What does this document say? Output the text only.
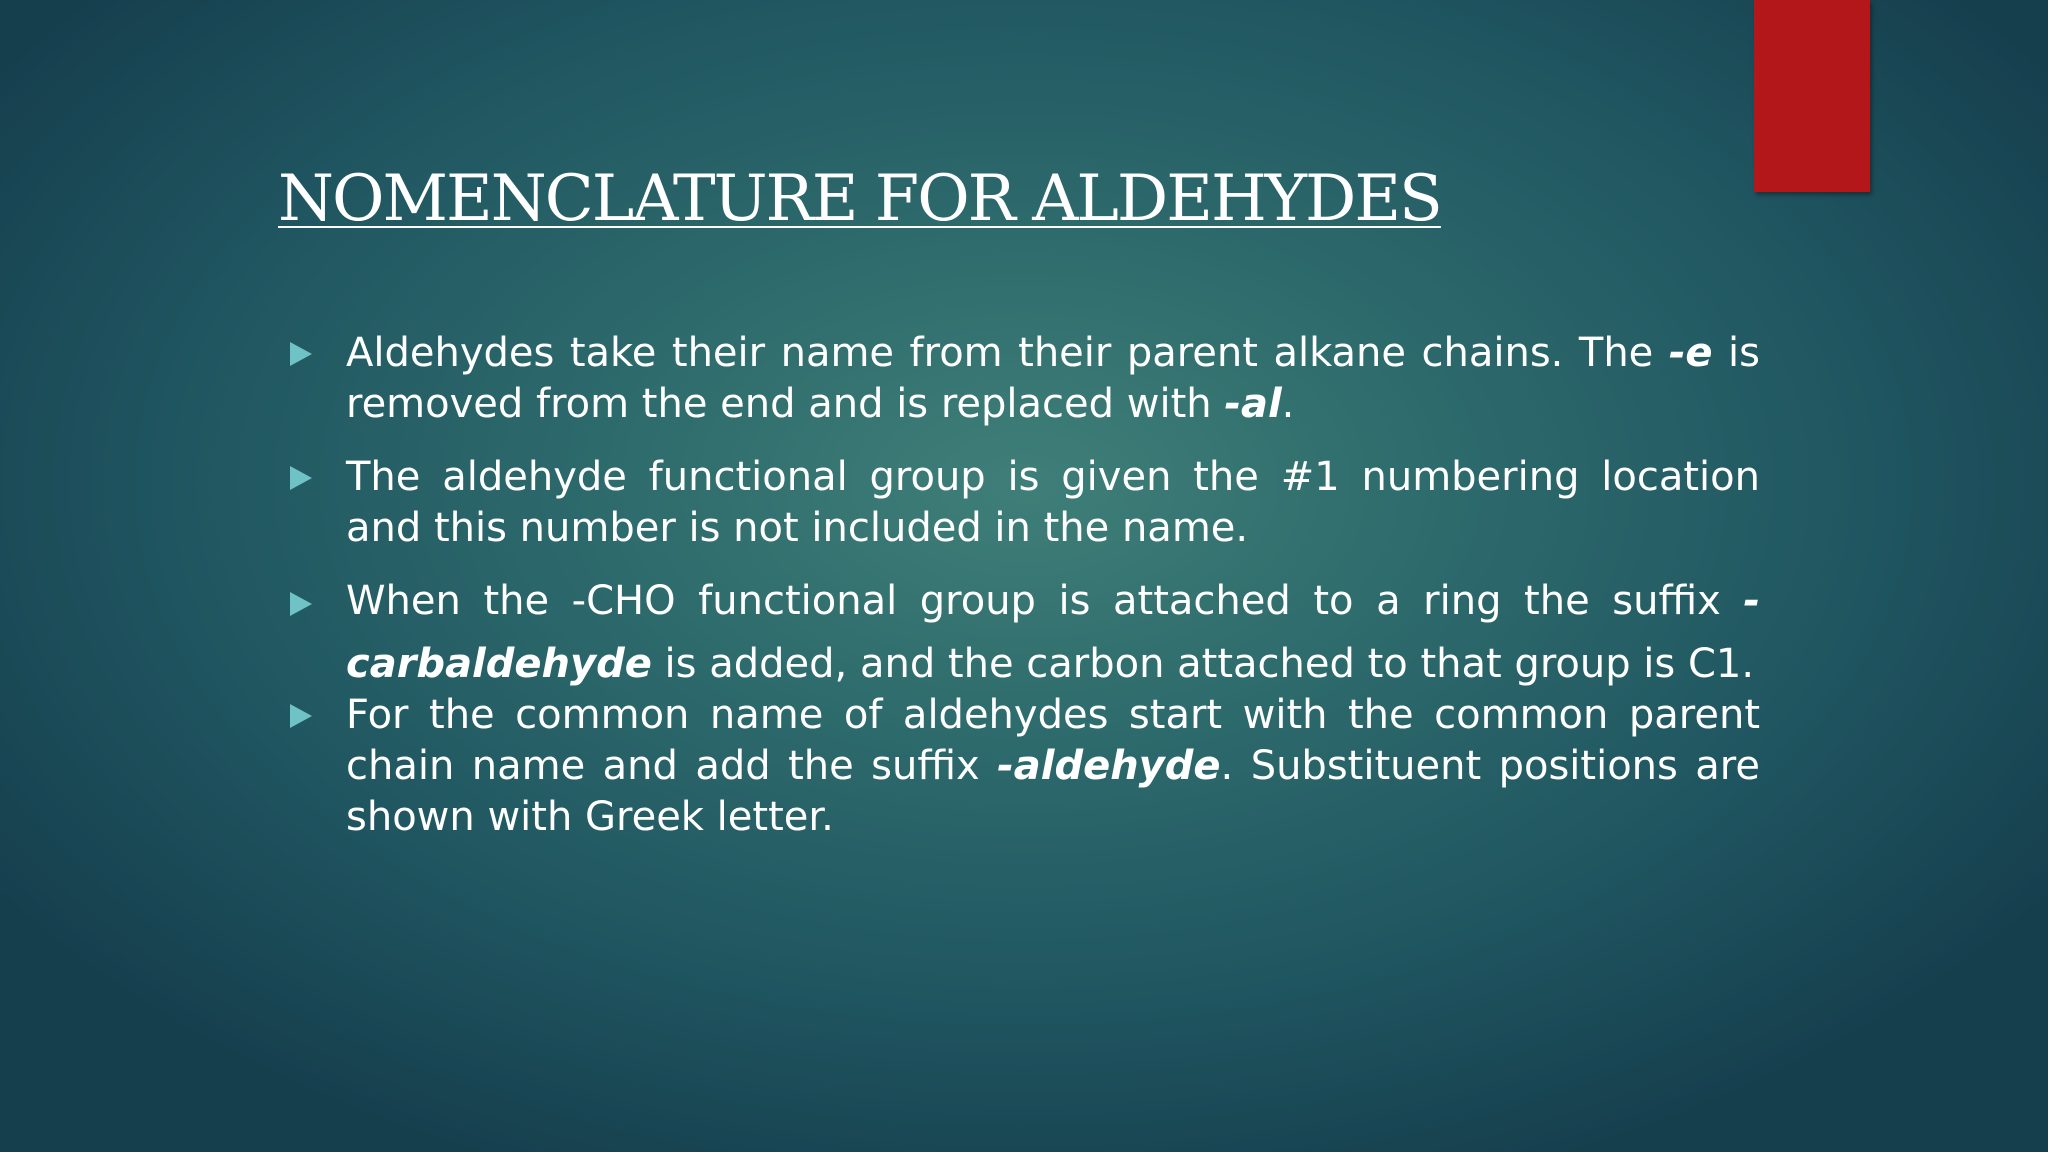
NOMENCLATURE FOR ALDEHYDES
Aldehydes take their name from their parent alkane chains. The -e is removed from the end and is replaced with -al.
The aldehyde functional group is given the #1 numbering location and this number is not included in the name.
When the -CHO functional group is attached to a ring the suffix -carbaldehyde is added, and the carbon attached to that group is C1.
For the common name of aldehydes start with the common parent chain name and add the suffix -aldehyde. Substituent positions are shown with Greek letter.
